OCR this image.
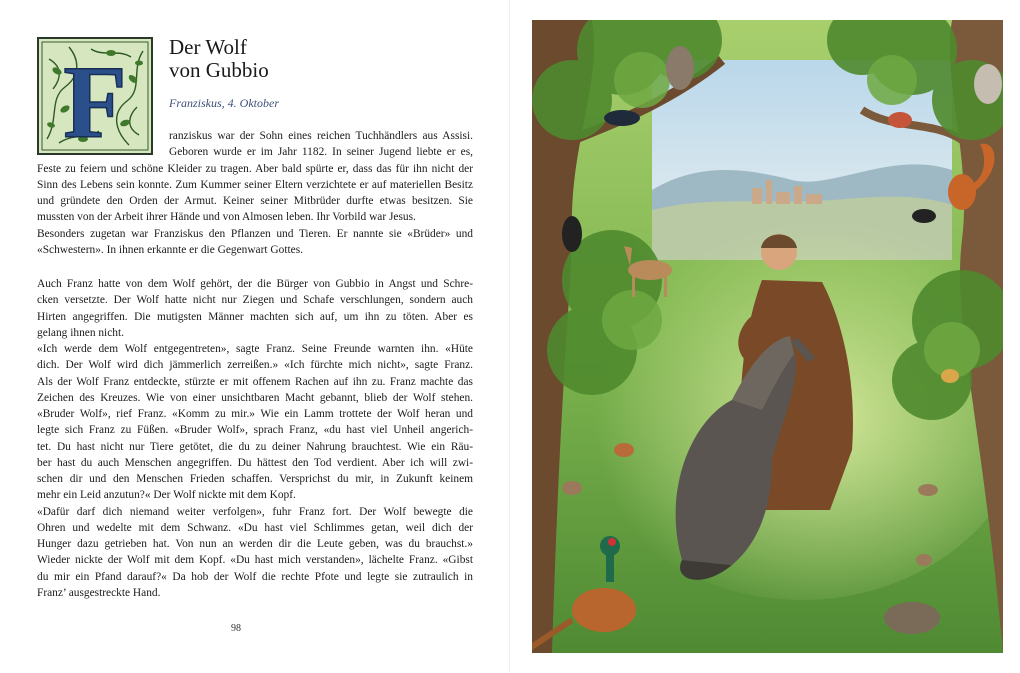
F Der Wolf
von Gubbio
Franziskus, 4. Oktober

ranziskus war der Sohn eines reichen Tuchhändlers aus Assisi.

Geboren wurde er im Jahr 1182. In seiner Jugend liebte er es,

Feste zu feiern und schöne Kleider zu tragen. Aber bald spürte er, dass das für ihn nicht der

Sinn des Lebens sein konnte. Zum Kummer seiner Eltern verzichtete er auf materiellen Besitz

und gründete den Orden der Armut. Keiner seiner Mitbrüder durfte etwas besitzen. Sie

mussten von der Arbeit ihrer Hände und von Almosen leben. Ihr Vorbild war Jesus.

Besonders zugetan war Franziskus den Pflanzen und Tieren. Er nannte sie «Brüder» und

«Schwestern». In ihnen erkannte er die Gegenwart Gottes.

Auch Franz hatte von dem Wolf gehört, der die Bürger von Gubbio in Angst und Schre-

cken versetzte. Der Wolf hatte nicht nur Ziegen und Schafe verschlungen, sondern auch

Hirten angegriffen. Die mutigsten Männer machten sich auf, um ihn zu töten. Aber es

gelang ihnen nicht.

«Ich werde dem Wolf entgegentreten», sagte Franz. Seine Freunde warnten ihn. «Hüte

dich. Der Wolf wird dich jämmerlich zerreißen.» «Ich fürchte mich nicht», sagte Franz.

Als der Wolf Franz entdeckte, stürzte er mit offenem Rachen auf ihn zu. Franz machte das

Zeichen des Kreuzes. Wie von einer unsichtbaren Macht gebannt, blieb der Wolf stehen.

«Bruder Wolf», rief Franz. «Komm zu mir.» Wie ein Lamm trottete der Wolf heran und

legte sich Franz zu Füßen. «Bruder Wolf», sprach Franz, «du hast viel Unheil angerich-

tet. Du hast nicht nur Tiere getötet, die du zu deiner Nahrung brauchtest. Wie ein Räu-

ber hast du auch Menschen angegriffen. Du hättest den Tod verdient. Aber ich will zwi-

schen dir und den Menschen Frieden schaffen. Versprichst du mir, in Zukunft keinem

mehr ein Leid anzutun?« Der Wolf nickte mit dem Kopf.

«Dafür darf dich niemand weiter verfolgen», fuhr Franz fort. Der Wolf bewegte die

Ohren und wedelte mit dem Schwanz. «Du hast viel Schlimmes getan, weil dich der

Hunger dazu getrieben hat. Von nun an werden dir die Leute geben, was du brauchst.»

Wieder nickte der Wolf mit dem Kopf. «Du hast mich verstanden», lächelte Franz. «Gibst

du mir ein Pfand darauf?« Da hob der Wolf die rechte Pfote und legte sie zutraulich in

Franz’ ausgestreckte Hand.

98
